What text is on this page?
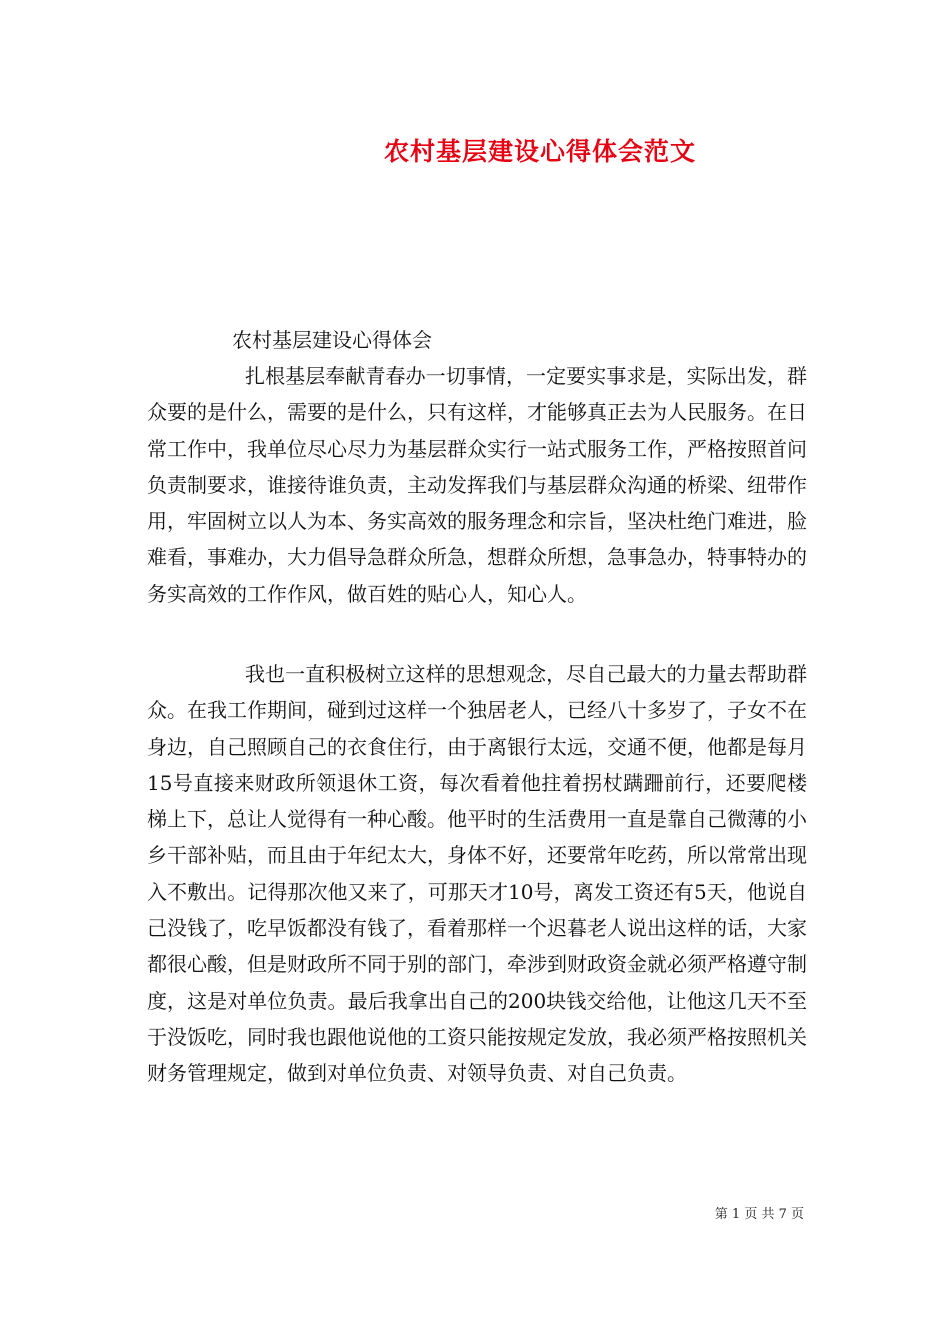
农村基层建设心得体会范文
农村基层建设心得体会
扎根基层奉献青春办一切事情，一定要实事求是，实际出发，群众要的是什么，需要的是什么，只有这样，才能够真正去为人民服务。在日常工作中，我单位尽心尽力为基层群众实行一站式服务工作，严格按照首问负责制要求，谁接待谁负责，主动发挥我们与基层群众沟通的桥梁、纽带作用，牢固树立以人为本、务实高效的服务理念和宗旨，坚决杜绝门难进，脸难看，事难办，大力倡导急群众所急，想群众所想，急事急办，特事特办的务实高效的工作作风，做百姓的贴心人，知心人。
我也一直积极树立这样的思想观念，尽自己最大的力量去帮助群众。在我工作期间，碰到过这样一个独居老人，已经八十多岁了，子女不在身边，自己照顾自己的衣食住行，由于离银行太远，交通不便，他都是每月15号直接来财政所领退休工资，每次看着他拄着拐杖蹒跚前行，还要爬楼梯上下，总让人觉得有一种心酸。他平时的生活费用一直是靠自己微薄的小乡干部补贴，而且由于年纪太大，身体不好，还要常年吃药，所以常常出现入不敷出。记得那次他又来了，可那天才10号，离发工资还有5天，他说自己没钱了，吃早饭都没有钱了，看着那样一个迟暮老人说出这样的话，大家都很心酸，但是财政所不同于别的部门，牵涉到财政资金就必须严格遵守制度，这是对单位负责。最后我拿出自己的200块钱交给他，让他这几天不至于没饭吃，同时我也跟他说他的工资只能按规定发放，我必须严格按照机关财务管理规定，做到对单位负责、对领导负责、对自己负责。
第 1 页 共 7 页
